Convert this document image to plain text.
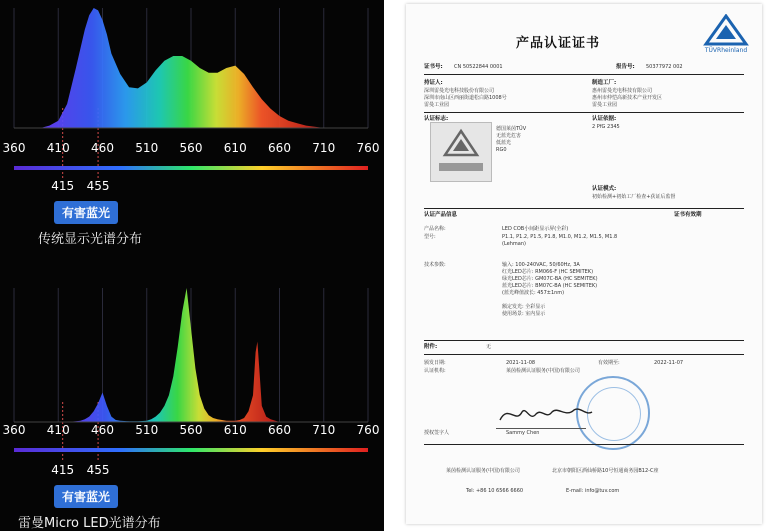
360 410 460 510 560 610 660 710 760
415 455
360 410 460 510 560 610 660 710 760
415 455
有害蓝光
传统显示光谱分布
有害蓝光
雷曼Micro LED光谱分布
TÜVRheinland
产品认证证书
证书号: CN 50522844 0001	报告号: 50377972 002
持证人:
深圳雷曼光电科技股份有限公司
深圳市南山区西丽街道松白路1008号
雷曼工业园
制造工厂:
惠州雷曼光电科技有限公司
惠州市仲恺高新技术产业开发区
雷曼工业园
认证标志:
德国莱茵TÜV
无蓝光危害
低蓝光
RG0
认证依据:
2 PfG 2345
认证模式:
初始检测+初始工厂检查+获证后监督
认证产品信息	证书有效期
产品名称:	LED COB小间距显示屏(全彩)
型号:	P1.1, P1.2, P1.5, P1.8, M1.0, M1.2, M1.5, M1.8
(Lehman)
技术参数:	输入: 100-240VAC, 50/60Hz, 3A
红光LED芯片: RM066-F (HC SEMITEK)
绿光LED芯片: GM07C-BA (HC SEMITEK)
蓝光LED芯片: BM07C-BA (HC SEMITEK)
(蓝光峰值波长: 457±1nm)
额定发光: 全彩显示
使用场景: 室内显示
附件:	无
颁发日期:	2021-11-08	有效期至:	2022-11-07
认证机构:	莱茵检测认证服务(中国)有限公司
Sammy Chen
授权签字人
莱茵检测认证服务(中国)有限公司	北京市朝阳区酒仙桥路10号恒通商务园B12-C座
Tel: +86 10 6566 6660	E-mail: info@tuv.com
